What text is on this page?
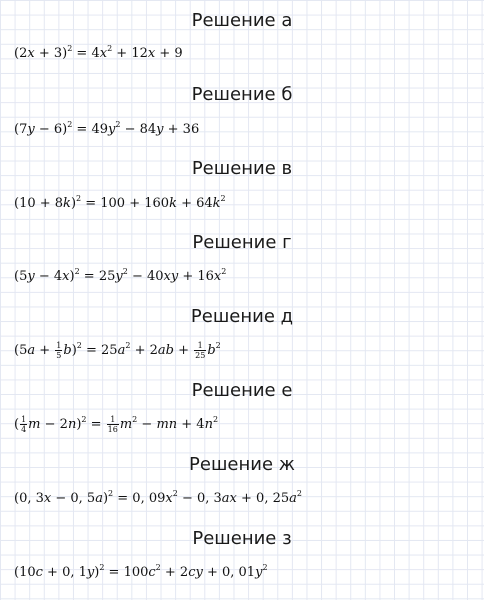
Решение а
$(2x + 3)^2 = 4x^2 + 12x + 9$
Решение б
$(7y - 6)^2 = 49y^2 - 84y + 36$
Решение в
$(10 + 8k)^2 = 100 + 160k + 64k^2$
Решение г
$(5y - 4x)^2 = 25y^2 - 40xy + 16x^2$
Решение д
$(5a + \frac{1}{5} b)^2 = 25a^2 + 2ab + \frac{1}{25} b^2$
Решение е
( $\frac{1}{4}$ $m - 2n)^2 = \frac{1}{16} m^2$ − mn + $4n^2$
Решение ж
(0, 3x − 0, 5a)$^2$ = 0, $09x^2 - 0$, 3ax + 0, $25a^2$
Решение з
(10c + 0, $1y)^2 = 100c^2 + 2cy + 0$, $01y^2$
